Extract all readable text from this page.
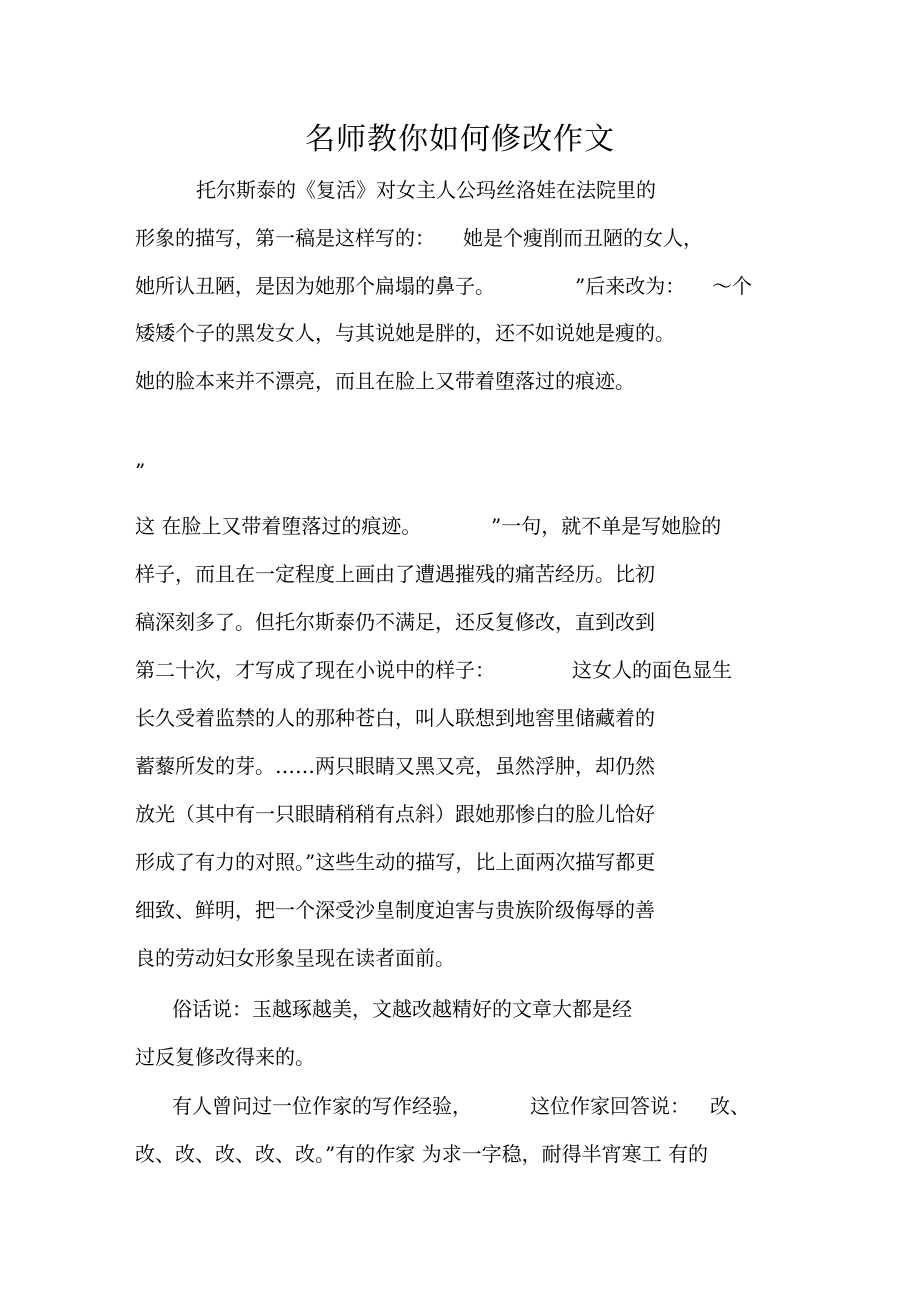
名师教你如何修改作文
托尔斯泰的《复活》对女主人公玛丝洛娃在法院里的
形象的描写，第一稿是这样写的： 她是个瘦削而丑陋的女人，
她所认丑陋，是因为她那个扁塌的鼻子。	”后来改为： ～个
矮矮个子的黑发女人，与其说她是胖的，还不如说她是瘦的。
她的脸本来并不漂亮，而且在脸上又带着堕落过的痕迹。
”
这 在脸上又带着堕落过的痕迹。	”一句，就不单是写她脸的
样子，而且在一定程度上画由了遭遇摧残的痛苦经历。比初
稿深刻多了。但托尔斯泰仍不满足，还反复修改，直到改到
第二十次，才写成了现在小说中的样子：	这女人的面色显生
长久受着监禁的人的那种苍白，叫人联想到地窖里储藏着的
蓄藜所发的芽。……两只眼睛又黑又亮，虽然浮肿，却仍然
放光（其中有一只眼睛稍稍有点斜）跟她那惨白的脸儿恰好
形成了有力的对照。”这些生动的描写，比上面两次描写都更
细致、鲜明，把一个深受沙皇制度迫害与贵族阶级侮辱的善
良的劳动妇女形象呈现在读者面前。
俗话说：玉越琢越美，文越改越精好的文章大都是经
过反复修改得来的。
有人曾问过一位作家的写作经验，	这位作家回答说： 改、
改、改、改、改、改。”有的作家 为求一字稳，耐得半宵寒工 有的
